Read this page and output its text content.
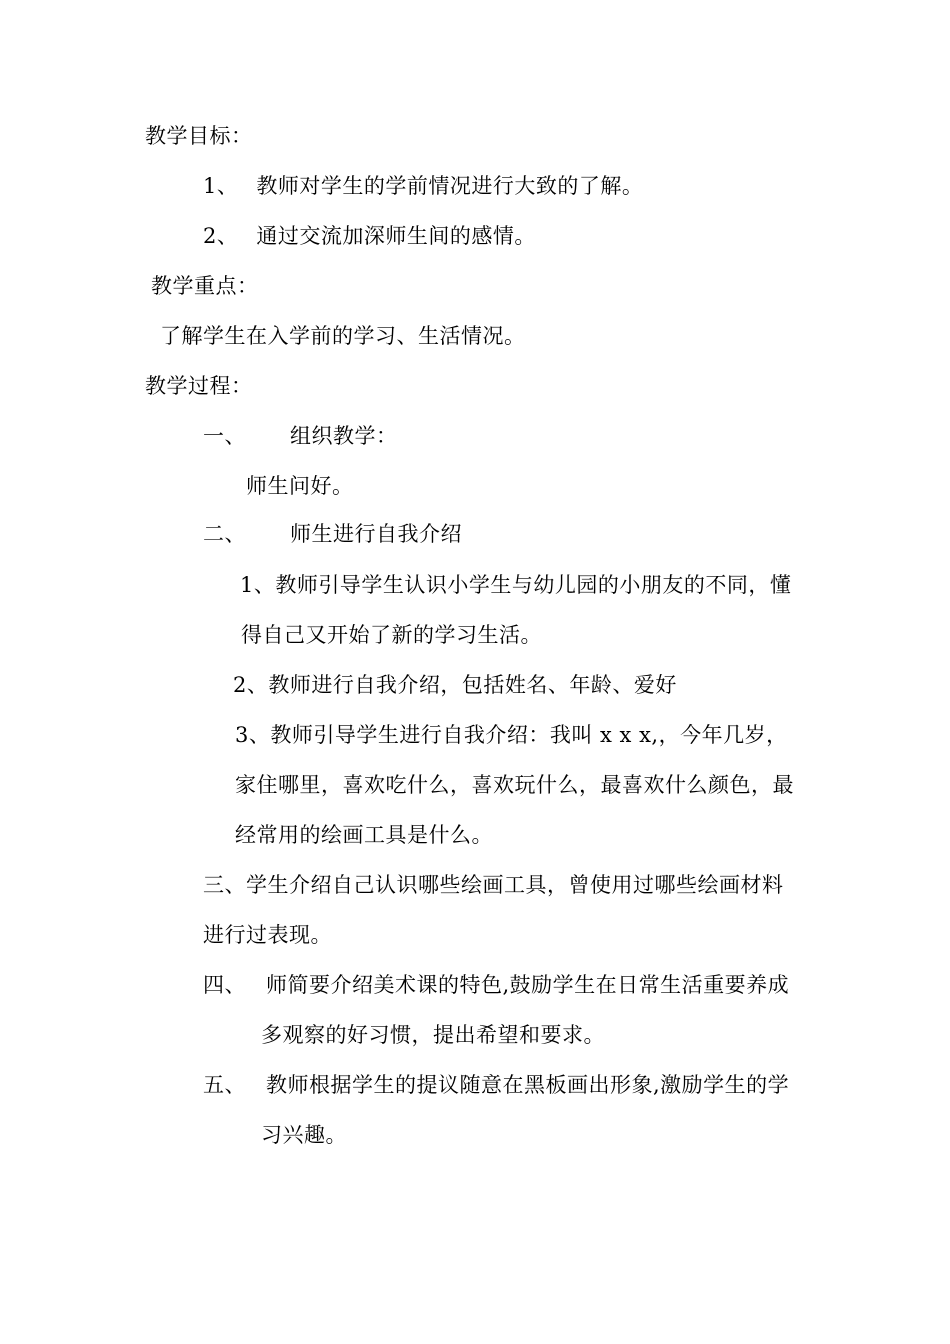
教学目标：
1、 教师对学生的学前情况进行大致的了解。
2、 通过交流加深师生间的感情。
教学重点：
了解学生在入学前的学习、生活情况。
教学过程：
一、 组织教学：
师生问好。
二、 师生进行自我介绍
1、教师引导学生认识小学生与幼儿园的小朋友的不同，懂
得自己又开始了新的学习生活。
2、教师进行自我介绍，包括姓名、年龄、爱好
3、教师引导学生进行自我介绍：我叫 x x x,，今年几岁，
家住哪里，喜欢吃什么，喜欢玩什么，最喜欢什么颜色，最
经常用的绘画工具是什么。
三、学生介绍自己认识哪些绘画工具，曾使用过哪些绘画材料
进行过表现。
四、 师简要介绍美术课的特色,鼓励学生在日常生活重要养成
多观察的好习惯，提出希望和要求。
五、 教师根据学生的提议随意在黑板画出形象,激励学生的学
习兴趣。
